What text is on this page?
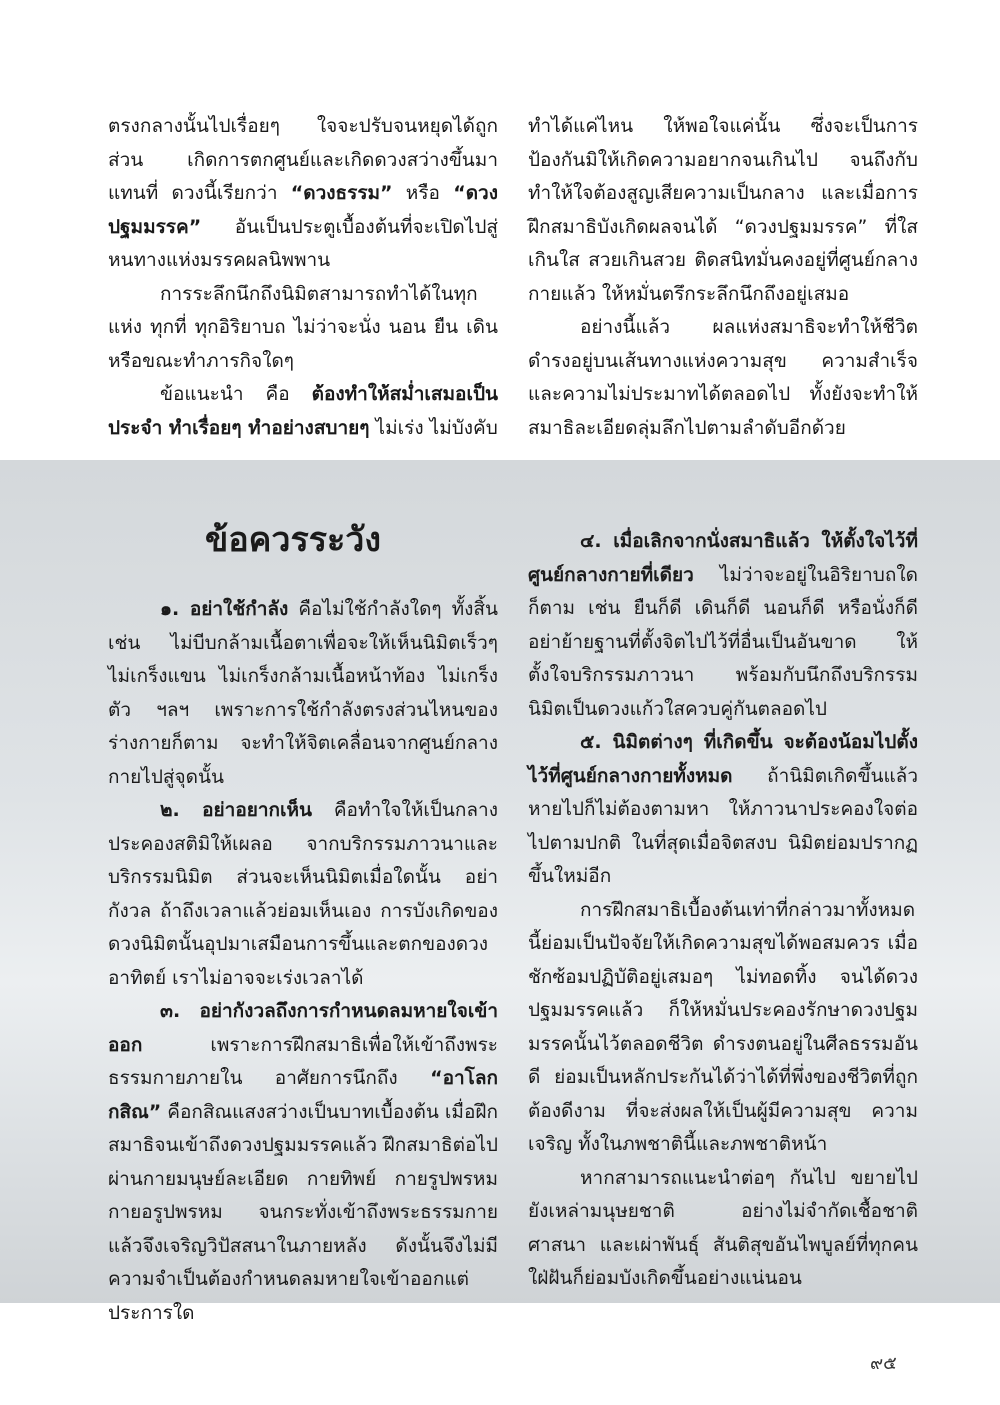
ตรงกลางนั้นไปเรื่อยๆ ใจจะปรับจนหยุดได้ถูกส่วน เกิดการตกศูนย์และเกิดดวงสว่างขึ้นมาแทนที่ ดวงนี้เรียกว่า “ดวงธรรม” หรือ “ดวงปฐมมรรค” อันเป็นประตูเบื้องต้นที่จะเปิดไปสู่หนทางแห่งมรรคผลนิพพาน

การระลึกนึกถึงนิมิตสามารถทำได้ในทุกแห่ง ทุกที่ ทุกอิริยาบถ ไม่ว่าจะนั่ง นอน ยืน เดิน หรือขณะทำภารกิจใดๆ

ข้อแนะนำ คือ ต้องทำให้สม่ำเสมอเป็นประจำ ทำเรื่อยๆ ทำอย่างสบายๆ ไม่เร่ง ไม่บังคับ

ทำได้แค่ไหน ให้พอใจแค่นั้น ซึ่งจะเป็นการป้องกันมิให้เกิดความอยากจนเกินไป จนถึงกับทำให้ใจต้องสูญเสียความเป็นกลาง และเมื่อการฝึกสมาธิบังเกิดผลจนได้ “ดวงปฐมมรรค” ที่ใสเกินใส สวยเกินสวย ติดสนิทมั่นคงอยู่ที่ศูนย์กลางกายแล้ว ให้หมั่นตรึกระลึกนึกถึงอยู่เสมอ

อย่างนี้แล้ว ผลแห่งสมาธิจะทำให้ชีวิตดำรงอยู่บนเส้นทางแห่งความสุข ความสำเร็จและความไม่ประมาทได้ตลอดไป ทั้งยังจะทำให้สมาธิละเอียดลุ่มลึกไปตามลำดับอีกด้วย

ข้อควรระวัง

๑. อย่าใช้กำลัง คือไม่ใช้กำลังใดๆ ทั้งสิ้น เช่น ไม่บีบกล้ามเนื้อตาเพื่อจะให้เห็นนิมิตเร็วๆ ไม่เกร็งแขน ไม่เกร็งกล้ามเนื้อหน้าท้อง ไม่เกร็งตัว ฯลฯ เพราะการใช้กำลังตรงส่วนไหนของร่างกายก็ตาม จะทำให้จิตเคลื่อนจากศูนย์กลางกายไปสู่จุดนั้น

๒. อย่าอยากเห็น คือทำใจให้เป็นกลาง ประคองสติมิให้เผลอ จากบริกรรมภาวนาและบริกรรมนิมิต ส่วนจะเห็นนิมิตเมื่อใดนั้น อย่ากังวล ถ้าถึงเวลาแล้วย่อมเห็นเอง การบังเกิดของดวงนิมิตนั้นอุปมาเสมือนการขึ้นและตกของดวงอาทิตย์ เราไม่อาจจะเร่งเวลาได้

๓. อย่ากังวลถึงการกำหนดลมหายใจเข้าออก เพราะการฝึกสมาธิเพื่อให้เข้าถึงพระธรรมกายภายใน อาศัยการนึกถึง “อาโลกกสิณ” คือกสิณแสงสว่างเป็นบาทเบื้องต้น เมื่อฝึกสมาธิจนเข้าถึงดวงปฐมมรรคแล้ว ฝึกสมาธิต่อไป ผ่านกายมนุษย์ละเอียด กายทิพย์ กายรูปพรหม กายอรูปพรหม จนกระทั่งเข้าถึงพระธรรมกายแล้วจึงเจริญวิปัสสนาในภายหลัง ดังนั้นจึงไม่มีความจำเป็นต้องกำหนดลมหายใจเข้าออกแต่ประการใด

๔. เมื่อเลิกจากนั่งสมาธิแล้ว ให้ตั้งใจไว้ที่ศูนย์กลางกายที่เดียว ไม่ว่าจะอยู่ในอิริยาบถใดก็ตาม เช่น ยืนก็ดี เดินก็ดี นอนก็ดี หรือนั่งก็ดี อย่าย้ายฐานที่ตั้งจิตไปไว้ที่อื่นเป็นอันขาด ให้ตั้งใจบริกรรมภาวนา พร้อมกับนึกถึงบริกรรมนิมิตเป็นดวงแก้วใสควบคู่กันตลอดไป

๕. นิมิตต่างๆ ที่เกิดขึ้น จะต้องน้อมไปตั้งไว้ที่ศูนย์กลางกายทั้งหมด ถ้านิมิตเกิดขึ้นแล้วหายไปก็ไม่ต้องตามหา ให้ภาวนาประคองใจต่อไปตามปกติ ในที่สุดเมื่อจิตสงบ นิมิตย่อมปรากฏขึ้นใหม่อีก

การฝึกสมาธิเบื้องต้นเท่าที่กล่าวมาทั้งหมดนี้ย่อมเป็นปัจจัยให้เกิดความสุขได้พอสมควร เมื่อชักซ้อมปฏิบัติอยู่เสมอๆ ไม่ทอดทิ้ง จนได้ดวงปฐมมรรคแล้ว ก็ให้หมั่นประคองรักษาดวงปฐมมรรคนั้นไว้ตลอดชีวิต ดำรงตนอยู่ในศีลธรรมอันดี ย่อมเป็นหลักประกันได้ว่าได้ที่พึ่งของชีวิตที่ถูกต้องดีงาม ที่จะส่งผลให้เป็นผู้มีความสุข ความเจริญ ทั้งในภพชาตินี้และภพชาติหน้า

หากสามารถแนะนำต่อๆ กันไป ขยายไปยังเหล่ามนุษยชาติ อย่างไม่จำกัดเชื้อชาติ ศาสนา และเผ่าพันธุ์ สันติสุขอันไพบูลย์ที่ทุกคนใฝ่ฝันก็ย่อมบังเกิดขึ้นอย่างแน่นอน

๙๕
